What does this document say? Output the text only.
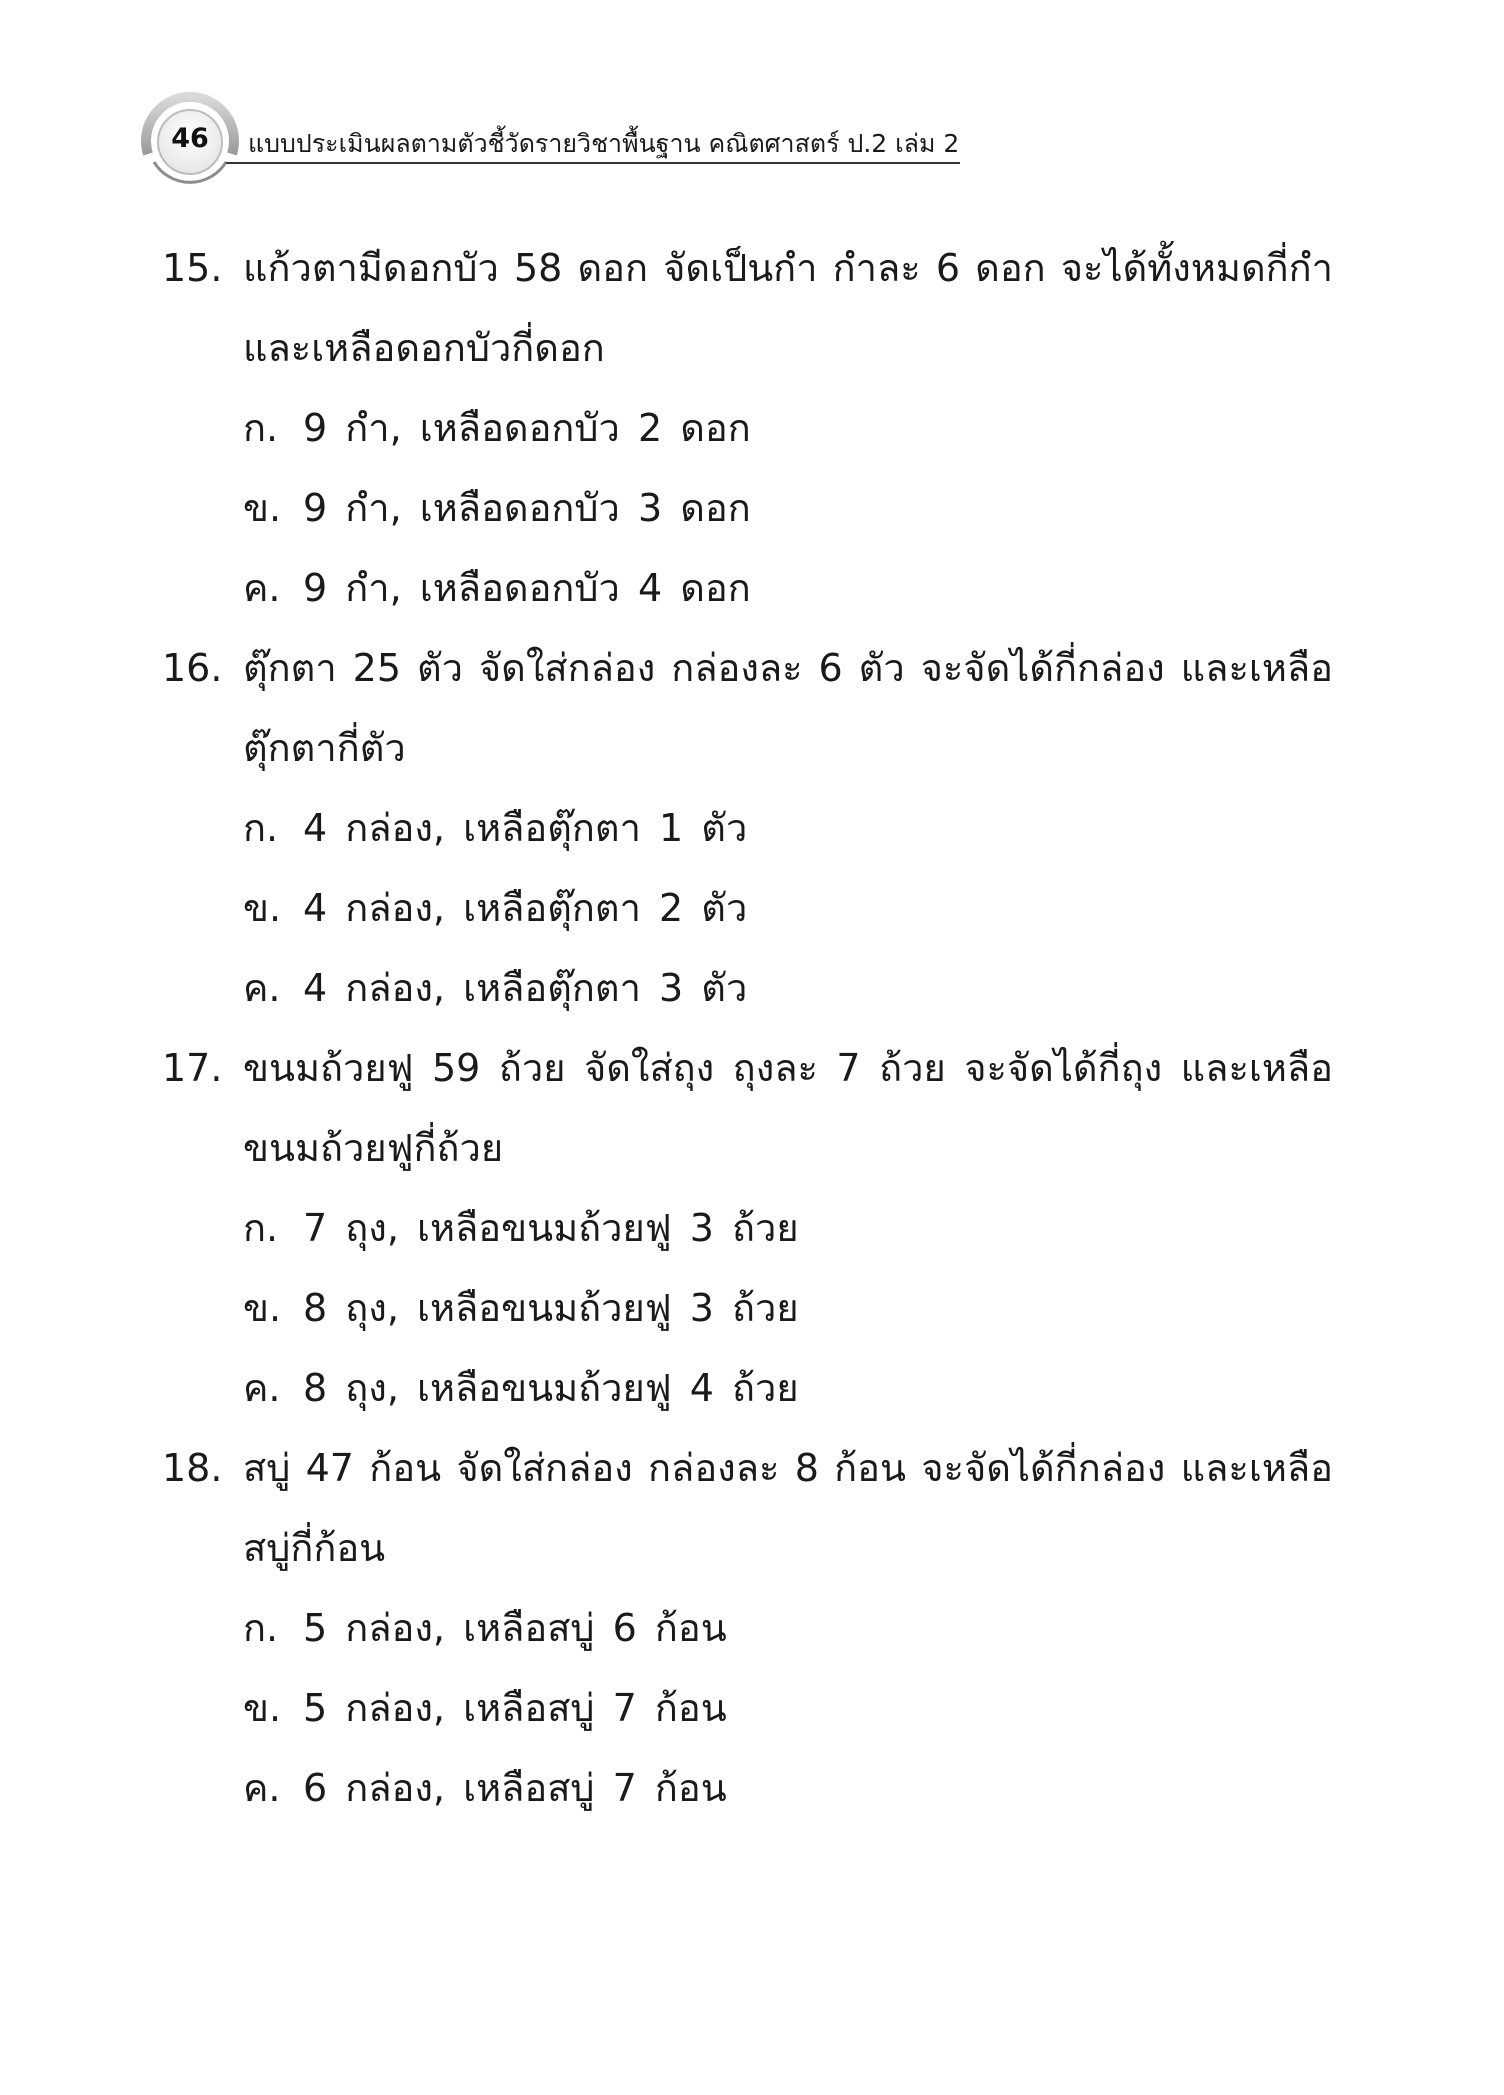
46	แบบประเมินผลตามตัวชี้วัดรายวิชาพื้นฐาน คณิตศาสตร์ ป.2 เล่ม 2
15. แก้วตามีดอกบัว 58 ดอก จัดเป็นกำ กำละ 6 ดอก จะได้ทั้งหมดกี่กำ
และเหลือดอกบัวกี่ดอก
ก. 9 กำ, เหลือดอกบัว 2 ดอก
ข. 9 กำ, เหลือดอกบัว 3 ดอก
ค. 9 กำ, เหลือดอกบัว 4 ดอก
16. ตุ๊กตา 25 ตัว จัดใส่กล่อง กล่องละ 6 ตัว จะจัดได้กี่กล่อง และเหลือ
ตุ๊กตากี่ตัว
ก. 4 กล่อง, เหลือตุ๊กตา 1 ตัว
ข. 4 กล่อง, เหลือตุ๊กตา 2 ตัว
ค. 4 กล่อง, เหลือตุ๊กตา 3 ตัว
17. ขนมถ้วยฟู 59 ถ้วย จัดใส่ถุง ถุงละ 7 ถ้วย จะจัดได้กี่ถุง และเหลือ
ขนมถ้วยฟูกี่ถ้วย
ก. 7 ถุง, เหลือขนมถ้วยฟู 3 ถ้วย
ข. 8 ถุง, เหลือขนมถ้วยฟู 3 ถ้วย
ค. 8 ถุง, เหลือขนมถ้วยฟู 4 ถ้วย
18. สบู่ 47 ก้อน จัดใส่กล่อง กล่องละ 8 ก้อน จะจัดได้กี่กล่อง และเหลือ
สบู่กี่ก้อน
ก. 5 กล่อง, เหลือสบู่ 6 ก้อน
ข. 5 กล่อง, เหลือสบู่ 7 ก้อน
ค. 6 กล่อง, เหลือสบู่ 7 ก้อน
